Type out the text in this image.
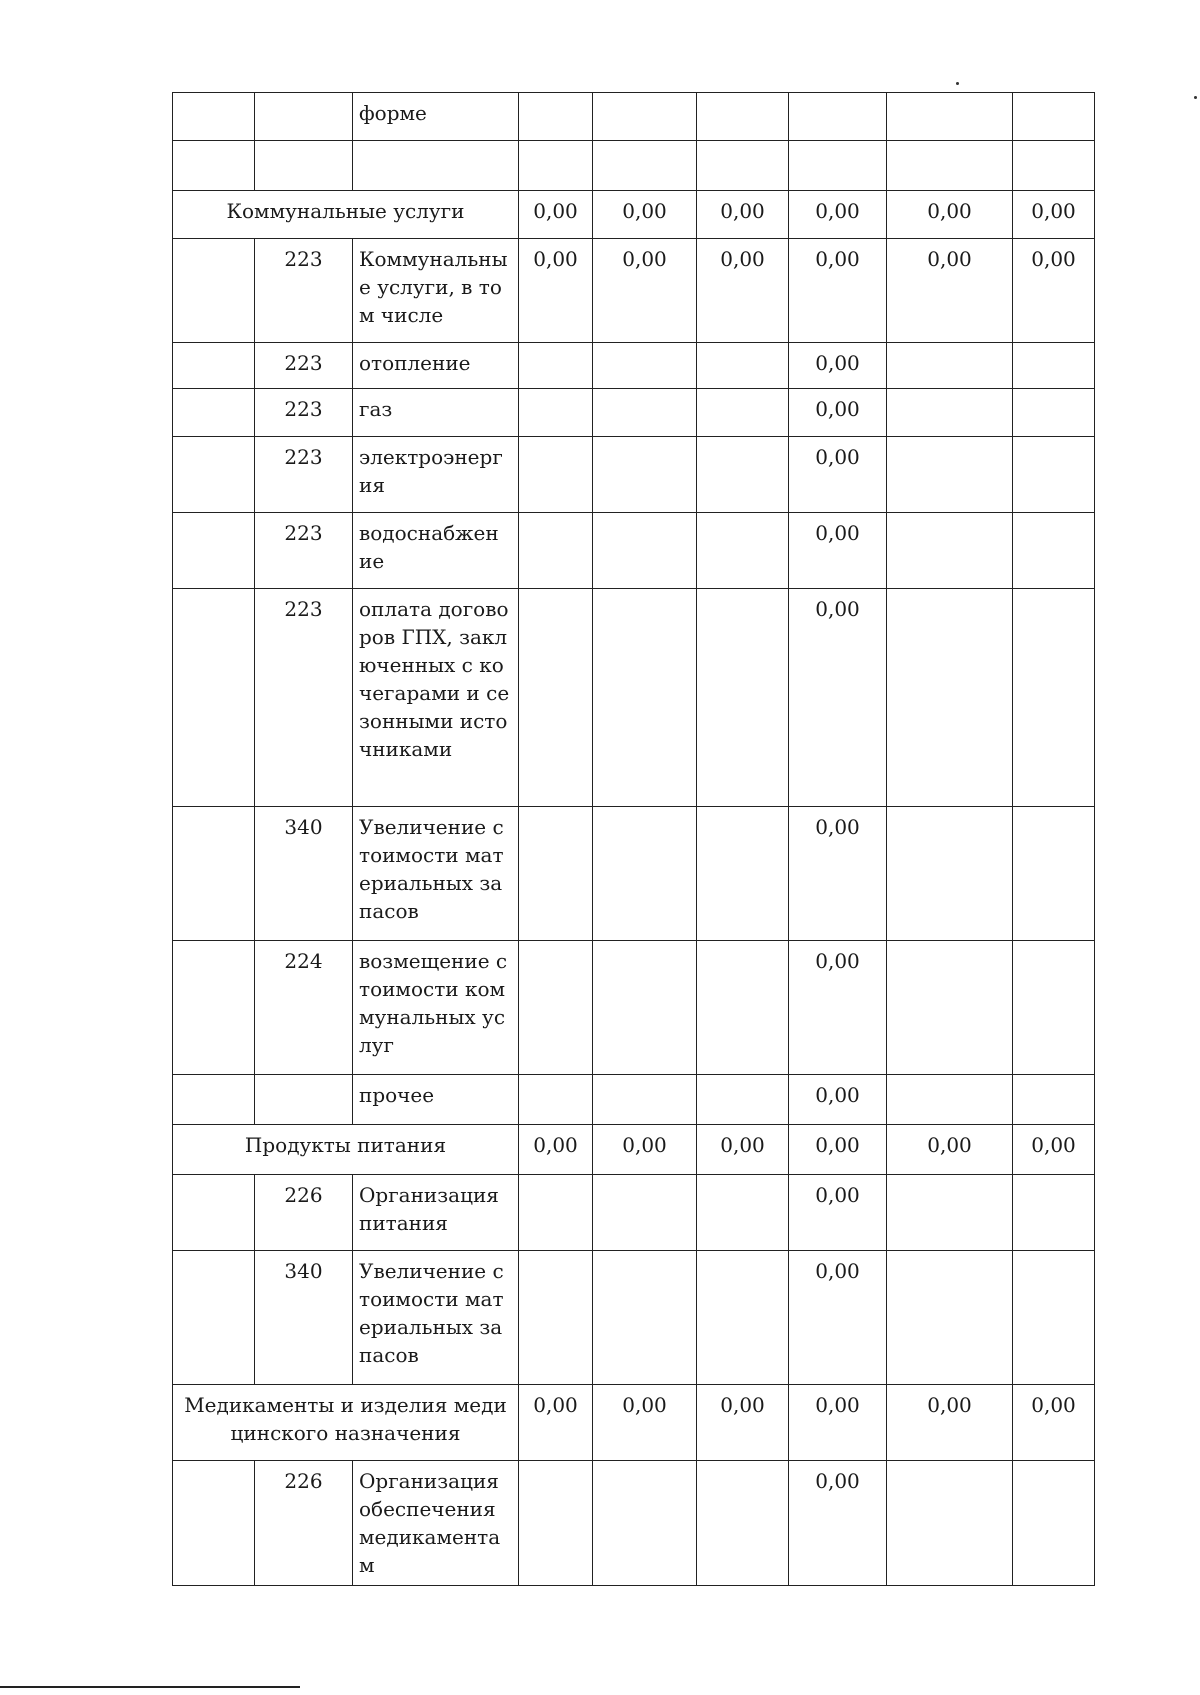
		форме						

Коммунальные услуги			0,00	0,00	0,00	0,00	0,00	0,00
	223	Коммунальные услуги, в том числе	0,00	0,00	0,00	0,00	0,00	0,00
	223	отопление				0,00		
	223	газ				0,00		
	223	электроэнергия				0,00		
	223	водоснабжение				0,00		
	223	оплата договоров ГПХ, заключенных с кочегарами и сезонными источниками				0,00		
	340	Увеличение стоимости материальных запасов				0,00		
	224	возмещение стоимости коммунальных услуг				0,00		
		прочее				0,00		
Продукты питания			0,00	0,00	0,00	0,00	0,00	0,00
	226	Организация питания				0,00		
	340	Увеличение стоимости материальных запасов				0,00		
Медикаменты и изделия медицинского назначения			0,00	0,00	0,00	0,00	0,00	0,00
	226	Организация обеспечения медикаментам				0,00		
